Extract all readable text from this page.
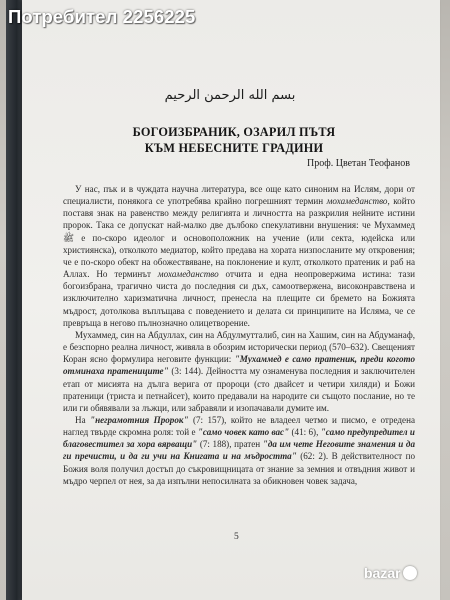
Потребител 2256225
بسم الله الرحمن الرحيم
БОГОИЗБРАНИК, ОЗАРИЛ ПЪТЯ
КЪМ НЕБЕСНИТЕ ГРАДИНИ
Проф. Цветан Теофанов

У нас, пък и в чуждата научна литература, все още като синоним на Ислям, дори от специалисти, понякога се употребява крайно погрешният термин мохамеданство, който поставя знак на равенство между религията и личността на разкрилия нейните истини пророк. Така се допускат най-малко две дълбоко спекулативни внушения: че Мухаммед ﷺ е по-скоро идеолог и основоположник на учение (или секта, юдейска или християнска), отколкото медиатор, който предава на хората низпосланите му откровения; че е по-скоро обект на обожествяване, на поклонение и култ, отколкото пратеник и раб на Аллах. Но терминът мохамеданство отчита и една неопровержима истина: тази богоизбрана, трагично чиста до последния си дъх, самоотвержена, високонравствена и изключително харизматична личност, пренесла на плещите си бремето на Божията мъдрост, дотолкова въплъщава с поведението и делата си принципите на Исляма, че се превръща в негово пълнозначно олицетворение.

Мухаммед, син на Абдуллах, син на Абдулмутталиб, син на Хашим, син на Абдуманаф, е безспорно реална личност, живяла в обозрим исторически период (570–632). Свещеният Коран ясно формулира неговите функции: "Мухаммед е само пратеник, преди когото отминаха пратениците" (3: 144). Дейността му ознаменува последния и заключителен етап от мисията на дълга верига от пророци (сто двайсет и четири хиляди) и Божи пратеници (триста и петнайсет), които предавали на народите си същото послание, но те или ги обявявали за лъжци, или забравяли и изопачавали думите им.

На "неграмотния Пророк" (7: 157), който не владеел четмо и писмо, е отредена наглед твърде скромна роля: той е "само човек като вас" (41: 6), "само предупредител и благовестител за хора вярващи" (7: 188), пратен "да им чете Неговите знамения и да ги пречисти, и да ги учи на Книгата и на мъдростта" (62: 2). В действителност по Божия воля получил достъп до съкровищницата от знание за земния и отвъдния живот и мъдро черпел от нея, за да изпълни непосилната за обикновен човек задача,

5
bazar
